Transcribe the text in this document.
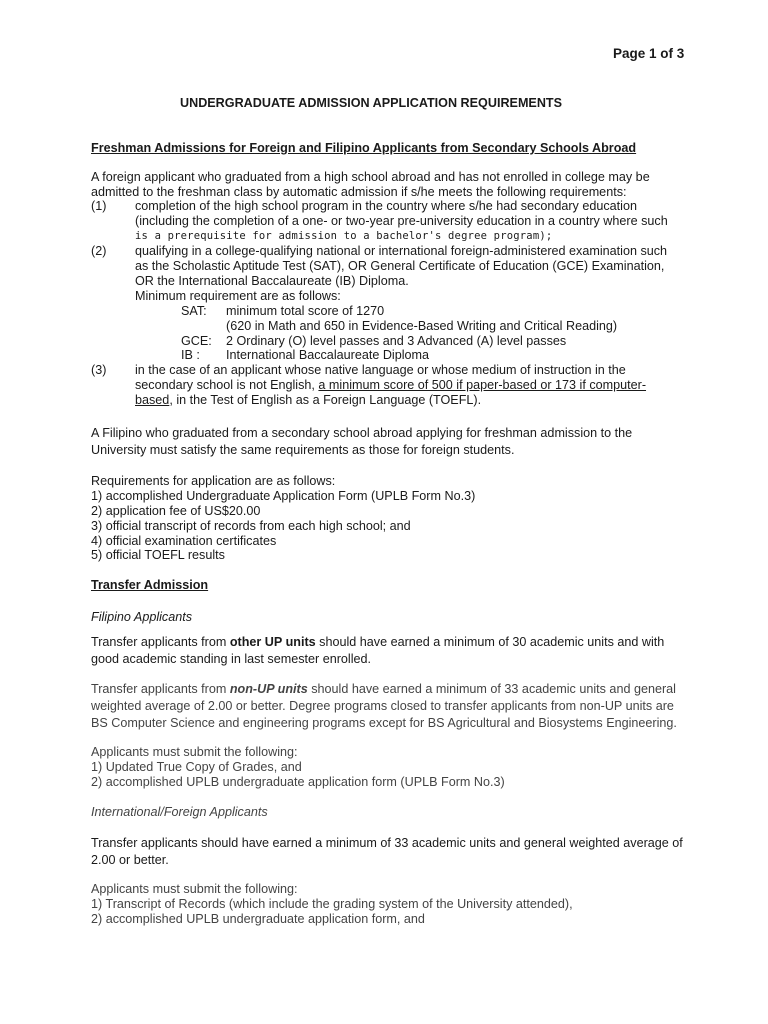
Page 1 of 3
UNDERGRADUATE ADMISSION APPLICATION REQUIREMENTS
Freshman Admissions for Foreign and Filipino Applicants from Secondary Schools Abroad
A foreign applicant who graduated from a high school abroad and has not enrolled in college may be
admitted to the freshman class by automatic admission if s/he meets the following requirements:
(1) completion of the high school program in the country where s/he had secondary education
(including the completion of a one- or two-year pre-university education in a country where such
is a prerequisite for admission to a bachelor's degree program);
(2) qualifying in a college-qualifying national or international foreign-administered examination such
as the Scholastic Aptitude Test (SAT), OR General Certificate of Education (GCE) Examination,
OR the International Baccalaureate (IB) Diploma.
Minimum requirement are as follows:
SAT: minimum total score of 1270
(620 in Math and 650 in Evidence-Based Writing and Critical Reading)
GCE: 2 Ordinary (O) level passes and 3 Advanced (A) level passes
IB : International Baccalaureate Diploma
(3) in the case of an applicant whose native language or whose medium of instruction in the
secondary school is not English, a minimum score of 500 if paper-based or 173 if computer-
based, in the Test of English as a Foreign Language (TOEFL).
A Filipino who graduated from a secondary school abroad applying for freshman admission to the
University must satisfy the same requirements as those for foreign students.
Requirements for application are as follows:
1) accomplished Undergraduate Application Form (UPLB Form No.3)
2) application fee of US$20.00
3) official transcript of records from each high school; and
4) official examination certificates
5) official TOEFL results
Transfer Admission
Filipino Applicants
Transfer applicants from other UP units should have earned a minimum of 30 academic units and with
good academic standing in last semester enrolled.
Transfer applicants from non-UP units should have earned a minimum of 33 academic units and general
weighted average of 2.00 or better. Degree programs closed to transfer applicants from non-UP units are
BS Computer Science and engineering programs except for BS Agricultural and Biosystems Engineering.
Applicants must submit the following:
1) Updated True Copy of Grades, and
2) accomplished UPLB undergraduate application form (UPLB Form No.3)
International/Foreign Applicants
Transfer applicants should have earned a minimum of 33 academic units and general weighted average of
2.00 or better.
Applicants must submit the following:
1) Transcript of Records (which include the grading system of the University attended),
2) accomplished UPLB undergraduate application form, and
